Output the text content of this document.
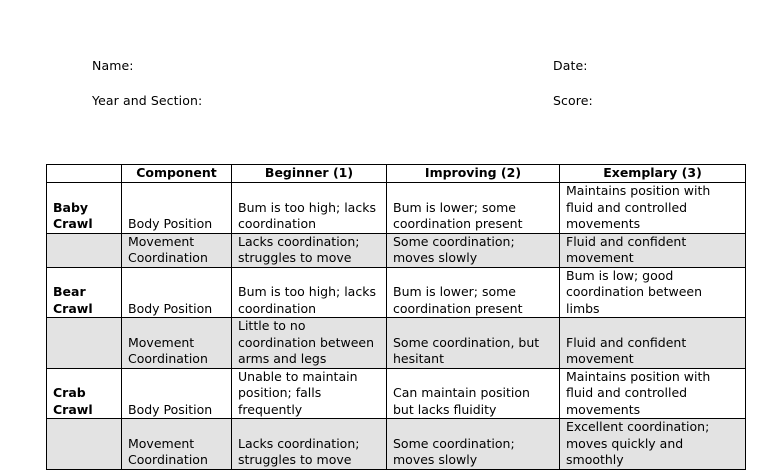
Name:	Date:
Year and Section:	Score:
	Component	Beginner (1)	Improving (2)	Exemplary (3)
Baby Crawl	Body Position	Bum is too high; lacks coordination	Bum is lower; some coordination present	Maintains position with fluid and controlled movements
	Movement Coordination	Lacks coordination; struggles to move	Some coordination; moves slowly	Fluid and confident movement
Bear Crawl	Body Position	Bum is too high; lacks coordination	Bum is lower; some coordination present	Bum is low; good coordination between limbs
	Movement Coordination	Little to no coordination between arms and legs	Some coordination, but hesitant	Fluid and confident movement
Crab Crawl	Body Position	Unable to maintain position; falls frequently	Can maintain position but lacks fluidity	Maintains position with fluid and controlled movements
	Movement Coordination	Lacks coordination; struggles to move	Some coordination; moves slowly	Excellent coordination; moves quickly and smoothly
